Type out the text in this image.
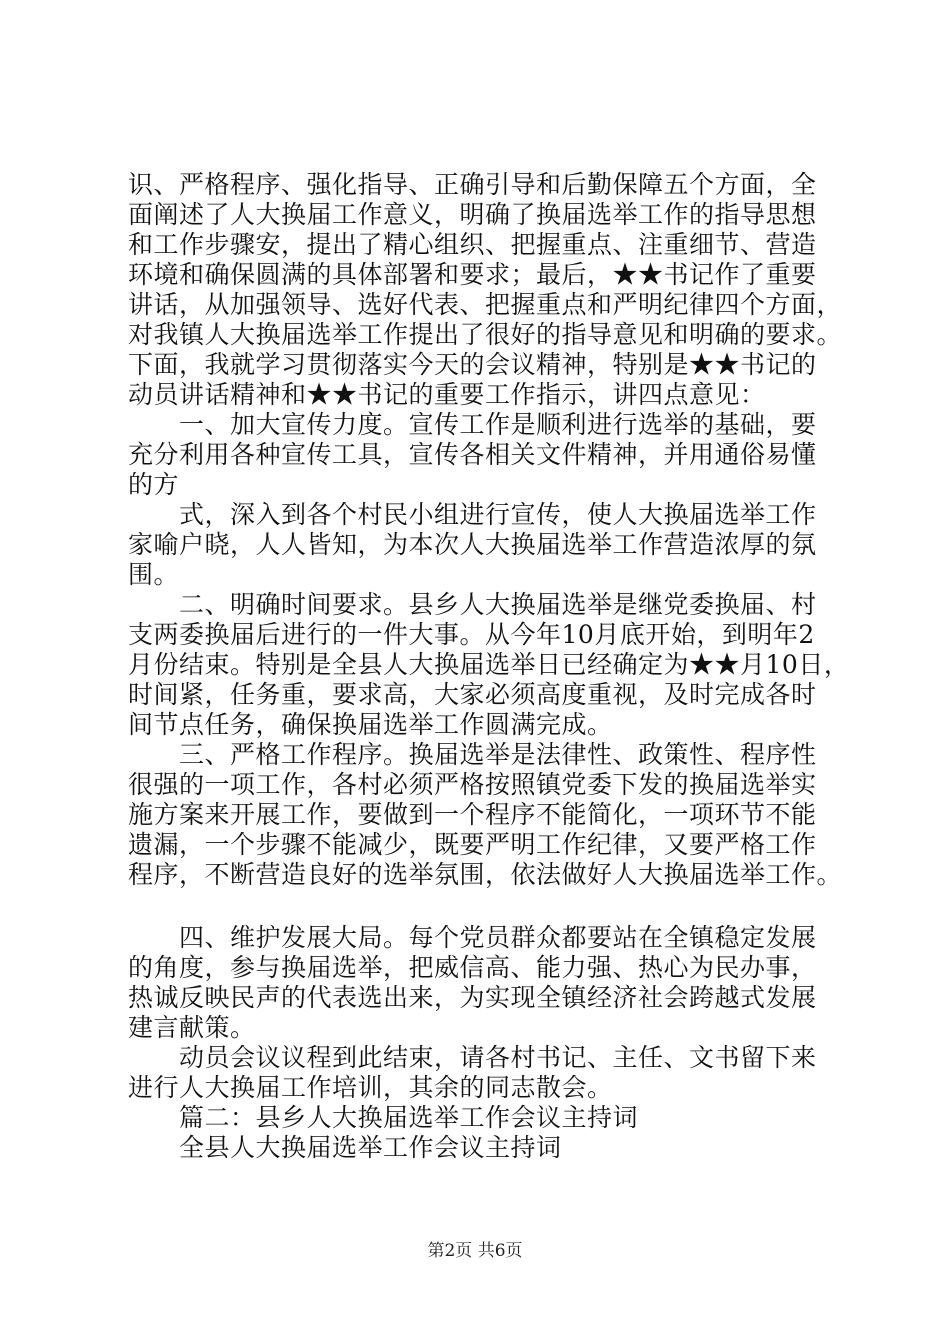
识、严格程序、强化指导、正确引导和后勤保障五个方面，全
面阐述了人大换届工作意义，明确了换届选举工作的指导思想
和工作步骤安，提出了精心组织、把握重点、注重细节、营造
环境和确保圆满的具体部署和要求；最后，★★书记作了重要
讲话，从加强领导、选好代表、把握重点和严明纪律四个方面，
对我镇人大换届选举工作提出了很好的指导意见和明确的要求。
下面，我就学习贯彻落实今天的会议精神，特别是★★书记的
动员讲话精神和★★书记的重要工作指示，讲四点意见：
　　一、加大宣传力度。宣传工作是顺利进行选举的基础，要
充分利用各种宣传工具，宣传各相关文件精神，并用通俗易懂
的方
　　式，深入到各个村民小组进行宣传，使人大换届选举工作
家喻户晓，人人皆知，为本次人大换届选举工作营造浓厚的氛
围。
　　二、明确时间要求。县乡人大换届选举是继党委换届、村
支两委换届后进行的一件大事。从今年10月底开始，到明年2
月份结束。特别是全县人大换届选举日已经确定为★★月10日，
时间紧，任务重，要求高，大家必须高度重视，及时完成各时
间节点任务，确保换届选举工作圆满完成。
　　三、严格工作程序。换届选举是法律性、政策性、程序性
很强的一项工作，各村必须严格按照镇党委下发的换届选举实
施方案来开展工作，要做到一个程序不能简化，一项环节不能
遗漏，一个步骤不能减少，既要严明工作纪律，又要严格工作
程序，不断营造良好的选举氛围，依法做好人大换届选举工作。
　　四、维护发展大局。每个党员群众都要站在全镇稳定发展
的角度，参与换届选举，把威信高、能力强、热心为民办事，
热诚反映民声的代表选出来，为实现全镇经济社会跨越式发展
建言献策。
　　动员会议议程到此结束，请各村书记、主任、文书留下来
进行人大换届工作培训，其余的同志散会。
　　篇二：县乡人大换届选举工作会议主持词
　　全县人大换届选举工作会议主持词
第2页 共6页
